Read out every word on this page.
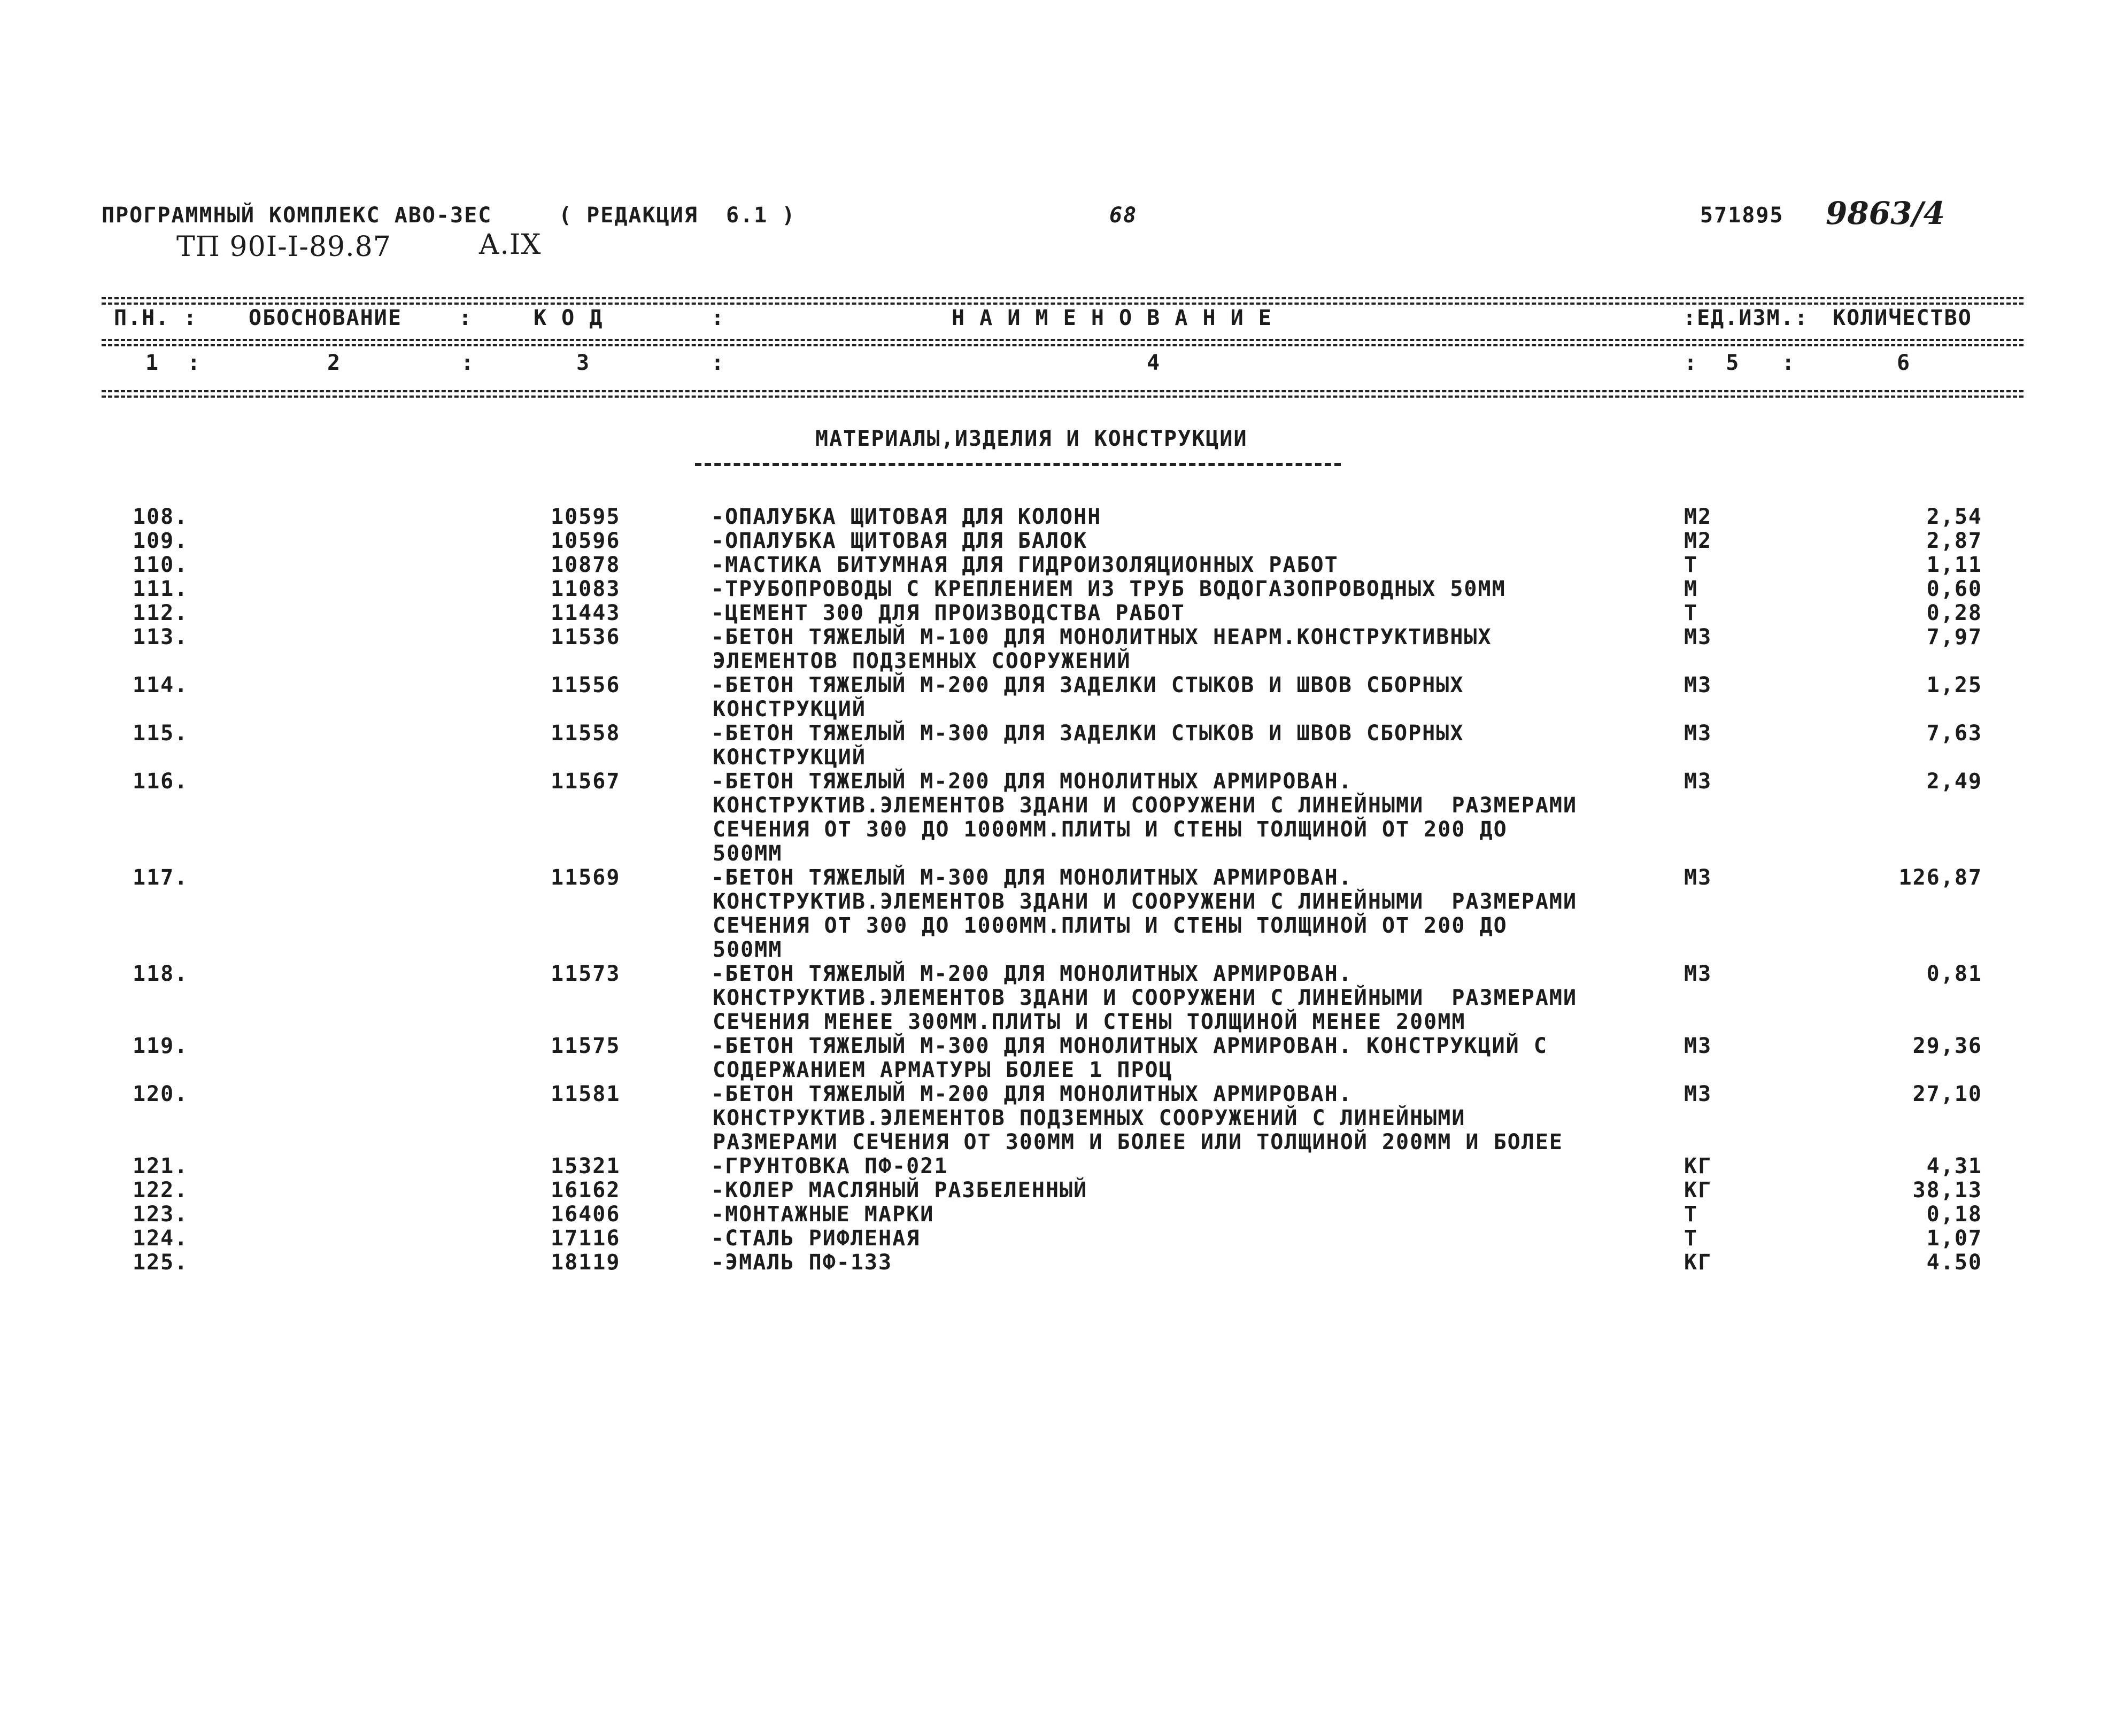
ПРОГРАММНЫЙ КОМПЛЕКС АВО-3ЕС	( РЕДАКЦИЯ  6.1 )	68	571895 9863/4
ТП 90I-I-89.87	А.IX
П.Н. : ОБОСНОВАНИЕ	:	К О Д	:	Н А И М Е Н О В А Н И Е	:ЕД.ИЗМ.: КОЛИЧЕСТВО
1  :	2	:	3	:	4	:  5   :	6
МАТЕРИАЛЫ,ИЗДЕЛИЯ И КОНСТРУКЦИИ
108.	10595	-ОПАЛУБКА ЩИТОВАЯ ДЛЯ КОЛОНН	М2	2,54
109.	10596	-ОПАЛУБКА ЩИТОВАЯ ДЛЯ БАЛОК	М2	2,87
110.	10878	-МАСТИКА БИТУМНАЯ ДЛЯ ГИДРОИЗОЛЯЦИОННЫХ РАБОТ	Т	1,11
111.	11083	-ТРУБОПРОВОДЫ С КРЕПЛЕНИЕМ ИЗ ТРУБ ВОДОГАЗОПРОВОДНЫХ 50ММ	М	0,60
112.	11443	-ЦЕМЕНТ 300 ДЛЯ ПРОИЗВОДСТВА РАБОТ	Т	0,28
113.	11536	-БЕТОН ТЯЖЕЛЫЙ М-100 ДЛЯ МОНОЛИТНЫХ НЕАРМ.КОНСТРУКТИВНЫХ	М3	7,97
ЭЛЕМЕНТОВ ПОДЗЕМНЫХ СООРУЖЕНИЙ
114.	11556	-БЕТОН ТЯЖЕЛЫЙ М-200 ДЛЯ ЗАДЕЛКИ СТЫКОВ И ШВОВ СБОРНЫХ	М3	1,25
КОНСТРУКЦИЙ
115.	11558	-БЕТОН ТЯЖЕЛЫЙ М-300 ДЛЯ ЗАДЕЛКИ СТЫКОВ И ШВОВ СБОРНЫХ	М3	7,63
КОНСТРУКЦИЙ
116.	11567	-БЕТОН ТЯЖЕЛЫЙ М-200 ДЛЯ МОНОЛИТНЫХ АРМИРОВАН.	М3	2,49
КОНСТРУКТИВ.ЭЛЕМЕНТОВ ЗДАНИ И СООРУЖЕНИ С ЛИНЕЙНЫМИ  РАЗМЕРАМИ
СЕЧЕНИЯ ОТ 300 ДО 1000ММ.ПЛИТЫ И СТЕНЫ ТОЛЩИНОЙ ОТ 200 ДО
500ММ
117.	11569	-БЕТОН ТЯЖЕЛЫЙ М-300 ДЛЯ МОНОЛИТНЫХ АРМИРОВАН.	М3	126,87
КОНСТРУКТИВ.ЭЛЕМЕНТОВ ЗДАНИ И СООРУЖЕНИ С ЛИНЕЙНЫМИ  РАЗМЕРАМИ
СЕЧЕНИЯ ОТ 300 ДО 1000ММ.ПЛИТЫ И СТЕНЫ ТОЛЩИНОЙ ОТ 200 ДО
500ММ
118.	11573	-БЕТОН ТЯЖЕЛЫЙ М-200 ДЛЯ МОНОЛИТНЫХ АРМИРОВАН.	М3	0,81
КОНСТРУКТИВ.ЭЛЕМЕНТОВ ЗДАНИ И СООРУЖЕНИ С ЛИНЕЙНЫМИ  РАЗМЕРАМИ
СЕЧЕНИЯ МЕНЕЕ 300ММ.ПЛИТЫ И СТЕНЫ ТОЛЩИНОЙ МЕНЕЕ 200ММ
119.	11575	-БЕТОН ТЯЖЕЛЫЙ М-300 ДЛЯ МОНОЛИТНЫХ АРМИРОВАН. КОНСТРУКЦИЙ С	М3	29,36
СОДЕРЖАНИЕМ АРМАТУРЫ БОЛЕЕ 1 ПРОЦ
120.	11581	-БЕТОН ТЯЖЕЛЫЙ М-200 ДЛЯ МОНОЛИТНЫХ АРМИРОВАН.	М3	27,10
КОНСТРУКТИВ.ЭЛЕМЕНТОВ ПОДЗЕМНЫХ СООРУЖЕНИЙ С ЛИНЕЙНЫМИ
РАЗМЕРАМИ СЕЧЕНИЯ ОТ 300ММ И БОЛЕЕ ИЛИ ТОЛЩИНОЙ 200ММ И БОЛЕЕ
121.	15321	-ГРУНТОВКА ПФ-021	КГ	4,31
122.	16162	-КОЛЕР МАСЛЯНЫЙ РАЗБЕЛЕННЫЙ	КГ	38,13
123.	16406	-МОНТАЖНЫЕ МАРКИ	Т	0,18
124.	17116	-СТАЛЬ РИФЛЕНАЯ	Т	1,07
125.	18119	-ЭМАЛЬ ПФ-133	КГ	4.50
